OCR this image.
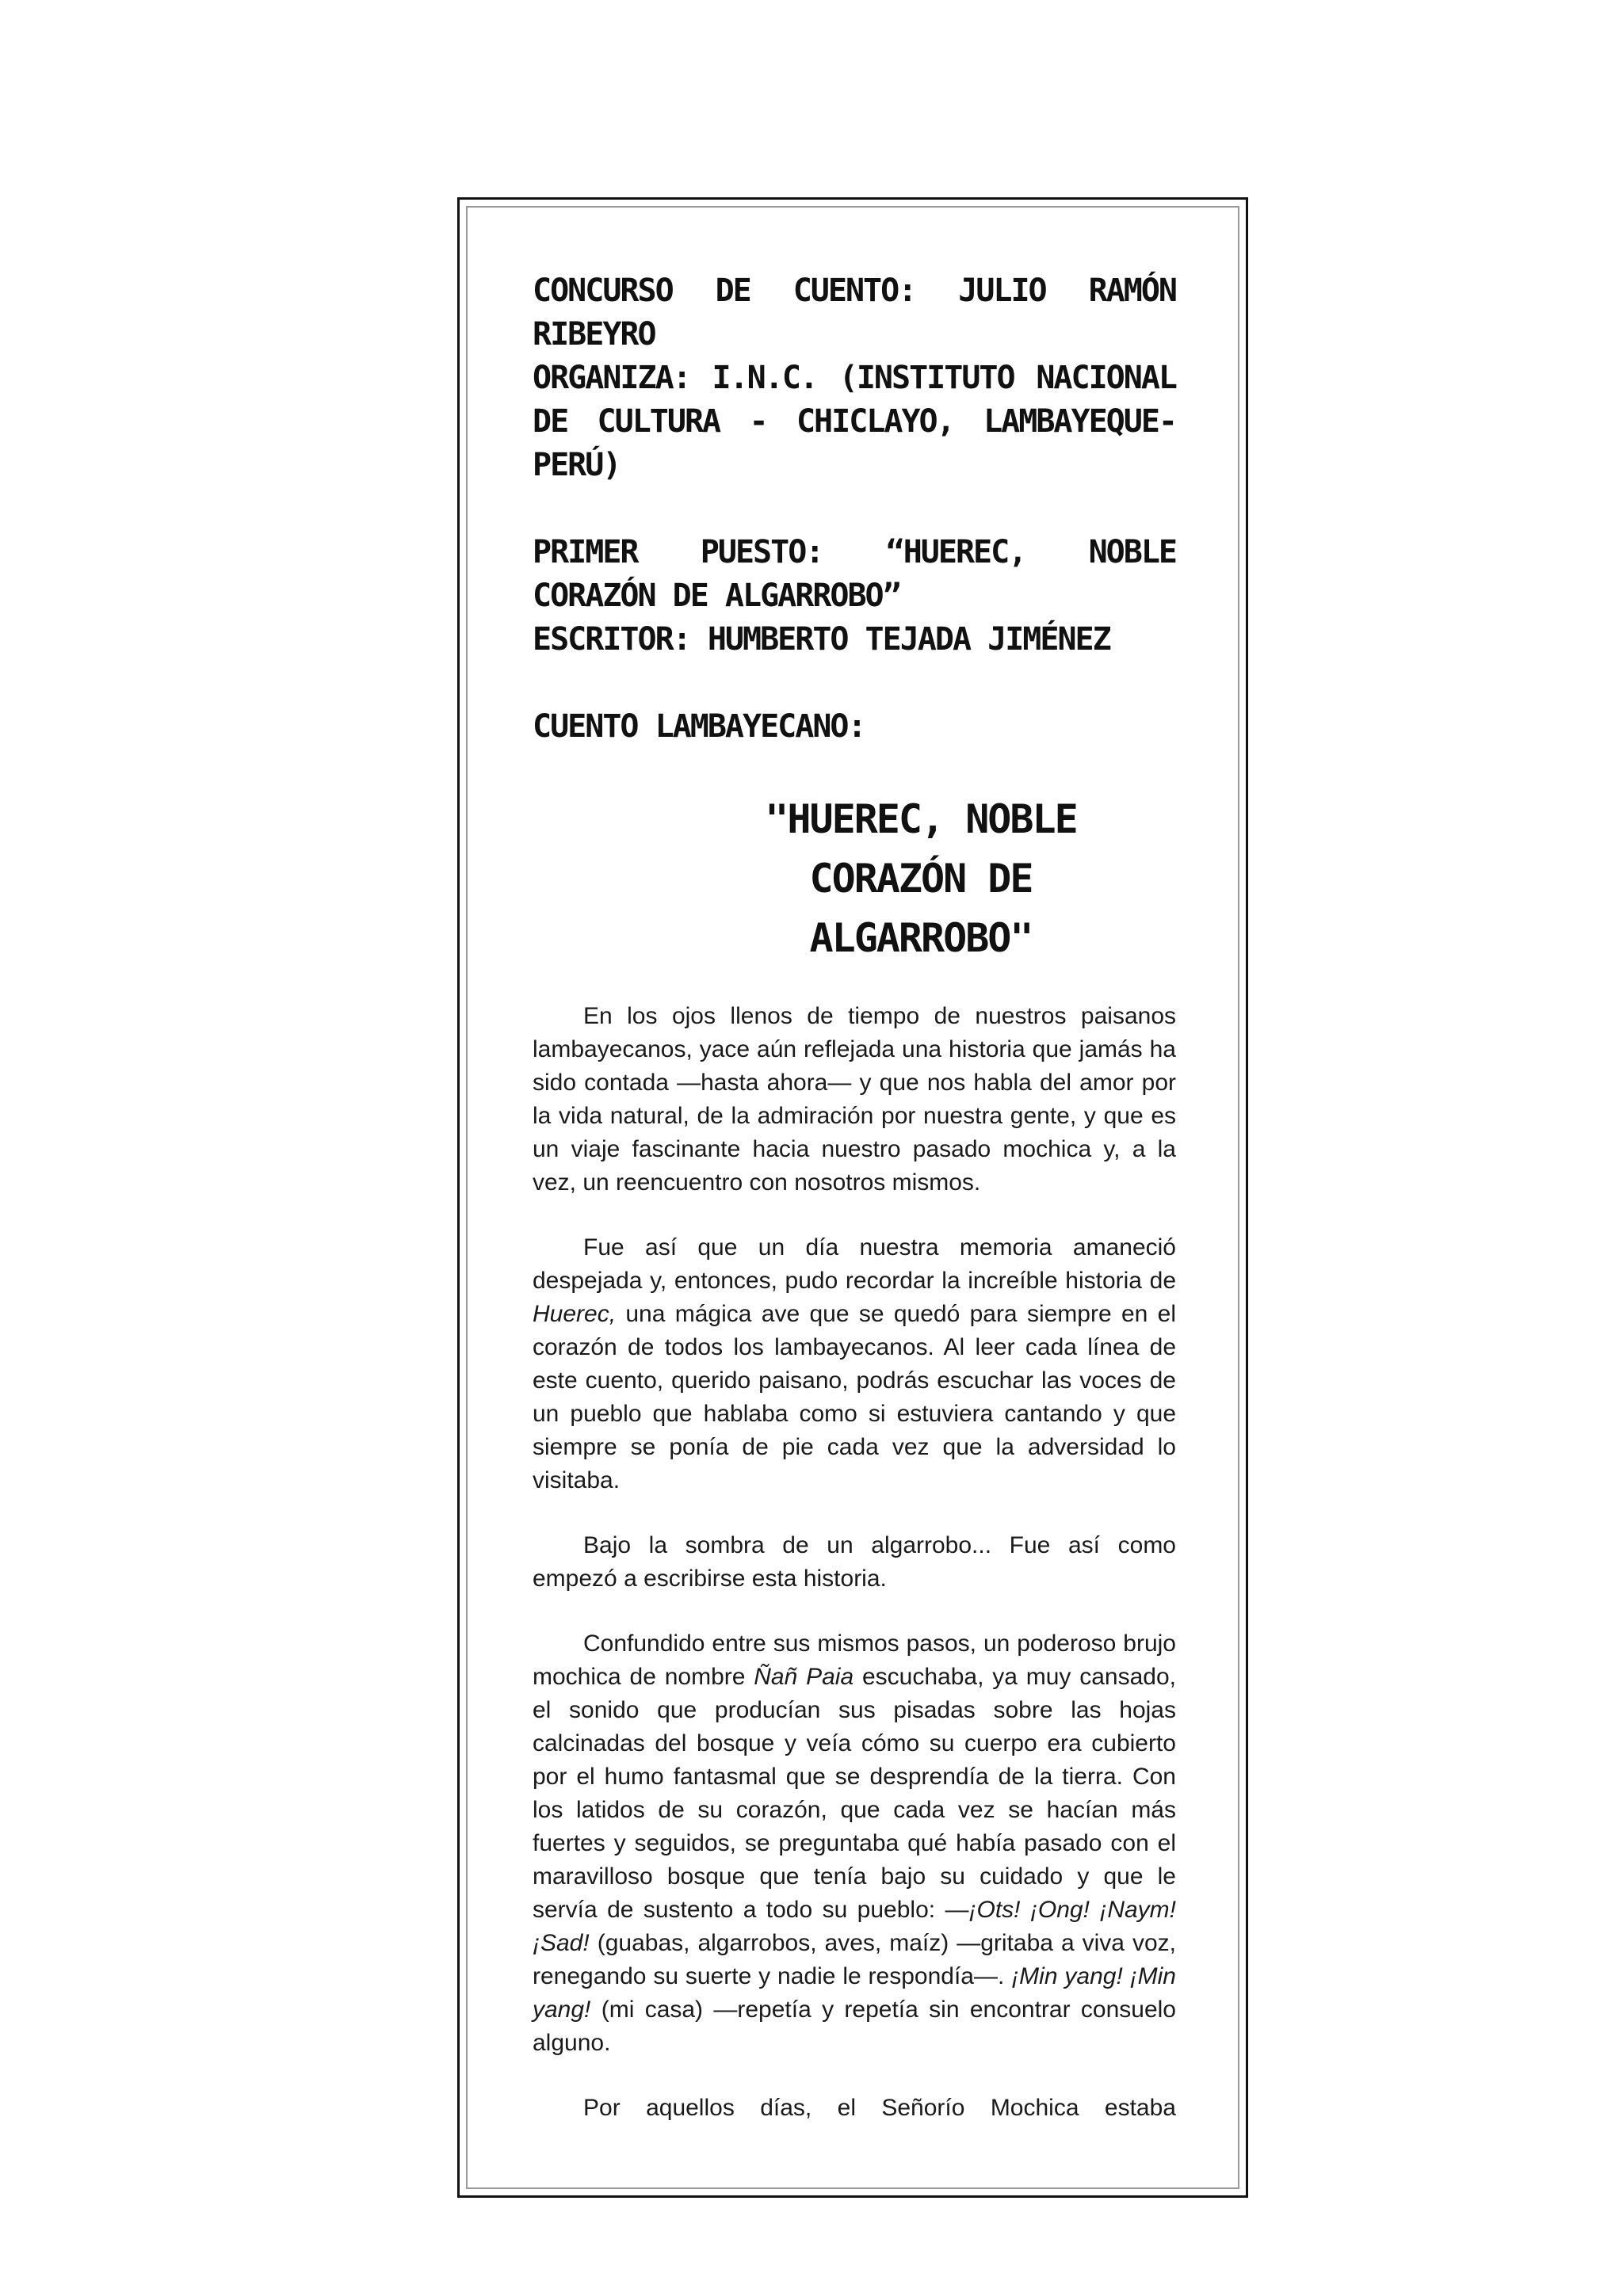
CONCURSO DE CUENTO: JULIO RAMÓN RIBEYRO

ORGANIZA: I.N.C. (INSTITUTO NACIONAL DE CULTURA - CHICLAYO, LAMBAYEQUE- PERÚ)

PRIMER PUESTO: “HUEREC, NOBLE CORAZÓN DE ALGARROBO”

ESCRITOR: HUMBERTO TEJADA JIMÉNEZ

CUENTO LAMBAYECANO:

"HUEREC, NOBLE CORAZÓN DE ALGARROBO"

En los ojos llenos de tiempo de nuestros paisanos lambayecanos, yace aún reflejada una historia que jamás ha sido contada —hasta ahora— y que nos habla del amor por la vida natural, de la admiración por nuestra gente, y que es un viaje fascinante hacia nuestro pasado mochica y, a la vez, un reencuentro con nosotros mismos.

Fue así que un día nuestra memoria amaneció despejada y, entonces, pudo recordar la increíble historia de Huerec, una mágica ave que se quedó para siempre en el corazón de todos los lambayecanos. Al leer cada línea de este cuento, querido paisano, podrás escuchar las voces de un pueblo que hablaba como si estuviera cantando y que siempre se ponía de pie cada vez que la adversidad lo visitaba.

Bajo la sombra de un algarrobo... Fue así como empezó a escribirse esta historia.

Confundido entre sus mismos pasos, un poderoso brujo mochica de nombre Ñañ Paia escuchaba, ya muy cansado, el sonido que producían sus pisadas sobre las hojas calcinadas del bosque y veía cómo su cuerpo era cubierto por el humo fantasmal que se desprendía de la tierra. Con los latidos de su corazón, que cada vez se hacían más fuertes y seguidos, se preguntaba qué había pasado con el maravilloso bosque que tenía bajo su cuidado y que le servía de sustento a todo su pueblo: —¡Ots! ¡Ong! ¡Naym! ¡Sad! (guabas, algarrobos, aves, maíz) —gritaba a viva voz, renegando su suerte y nadie le respondía—. ¡Min yang! ¡Min yang! (mi casa) —repetía y repetía sin encontrar consuelo alguno.

Por aquellos días, el Señorío Mochica estaba
